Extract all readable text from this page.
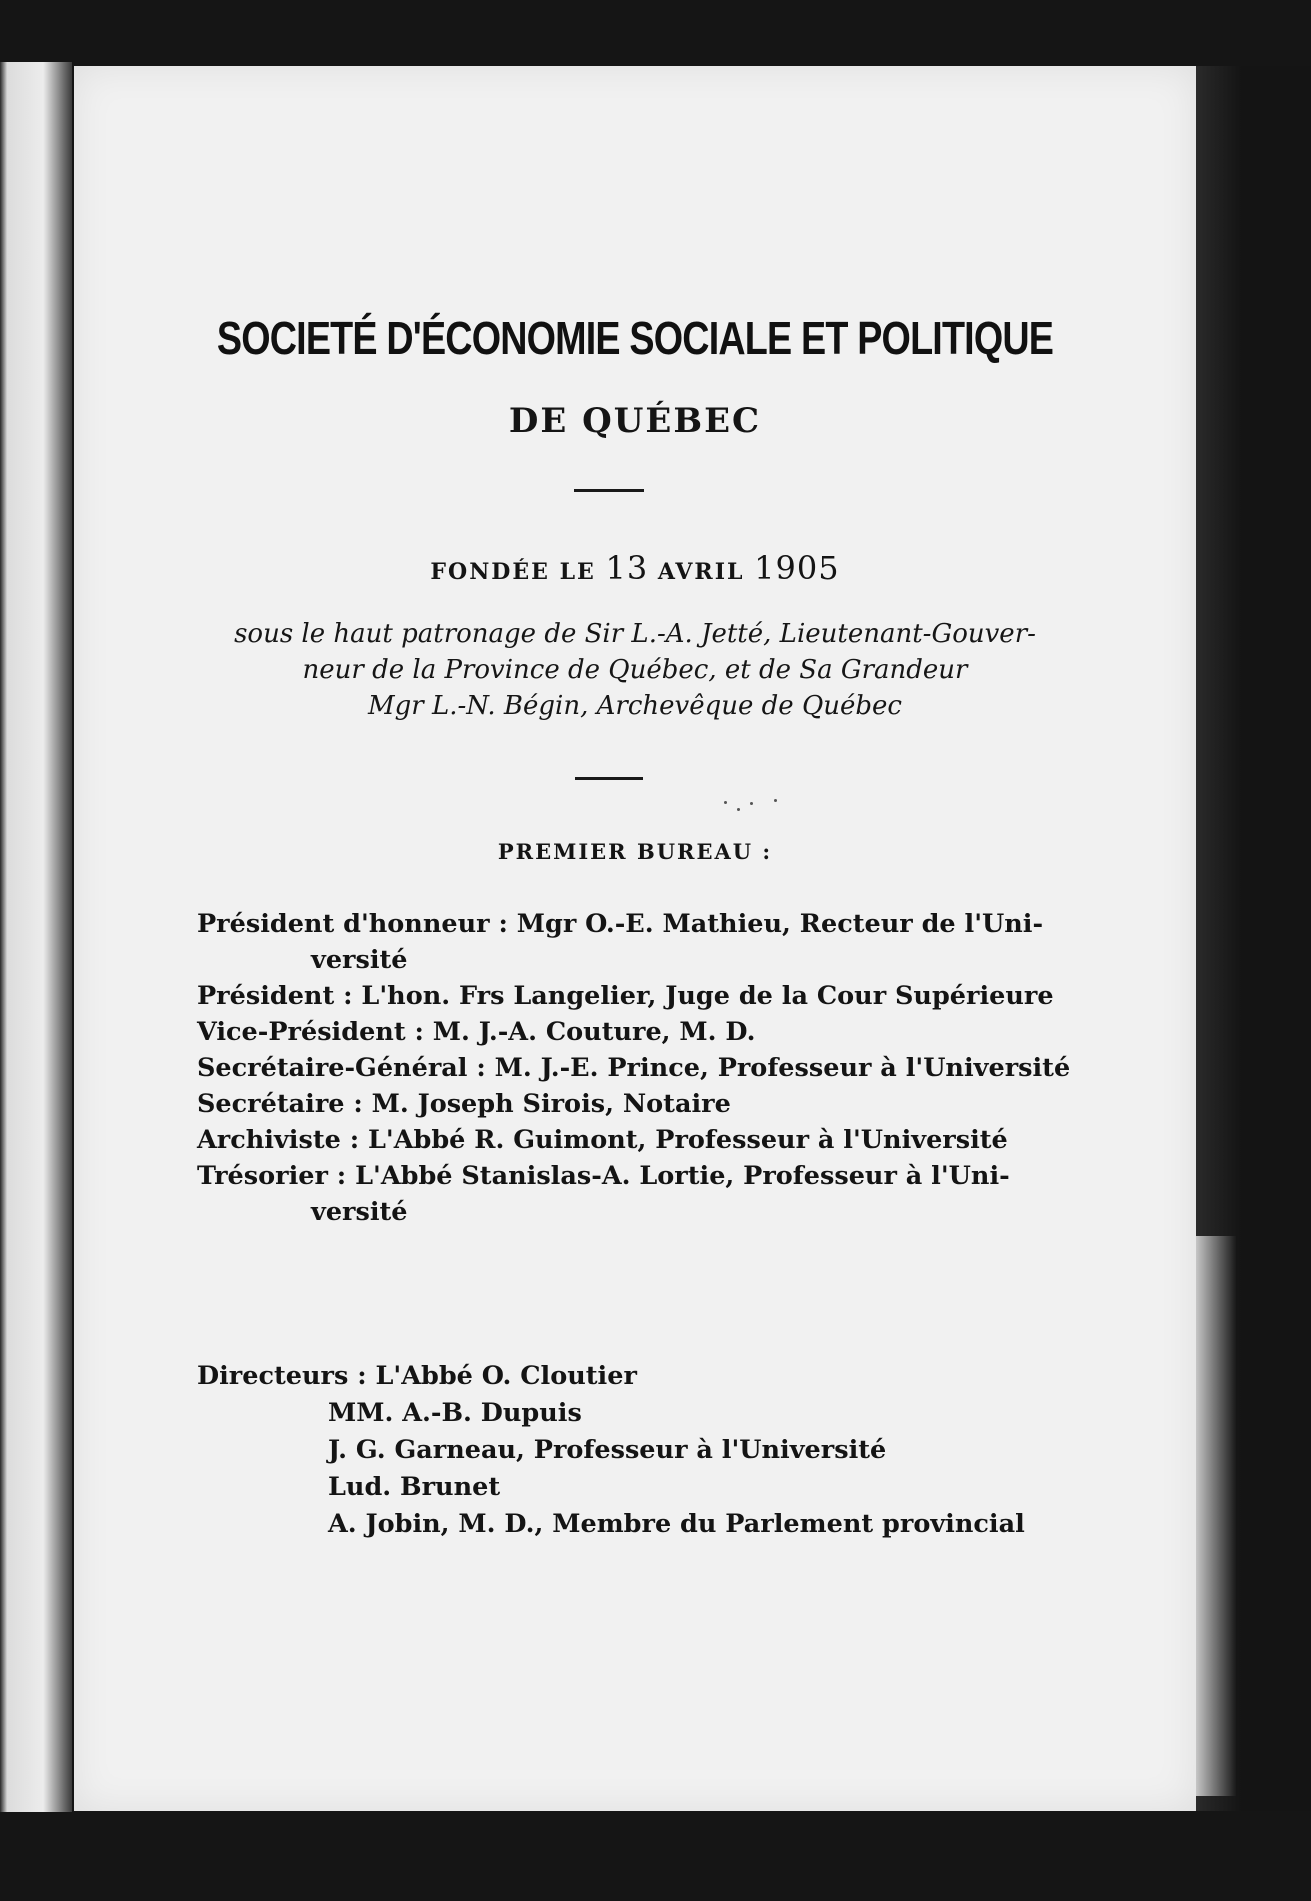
SOCIETÉ D'ÉCONOMIE SOCIALE ET POLITIQUE
DE QUÉBEC

FONDÉE LE 13 AVRIL 1905

sous le haut patronage de Sir L.-A. Jetté, Lieutenant-Gouver-
neur de la Province de Québec, et de Sa Grandeur
Mgr L.-N. Bégin, Archevêque de Québec

PREMIER BUREAU :

Président d'honneur : Mgr O.-E. Mathieu, Recteur de l'Uni-
versité
Président : L'hon. Frs Langelier, Juge de la Cour Supérieure
Vice-Président : M. J.-A. Couture, M. D.
Secrétaire-Général : M. J.-E. Prince, Professeur à l'Université
Secrétaire : M. Joseph Sirois, Notaire
Archiviste : L'Abbé R. Guimont, Professeur à l'Université
Trésorier : L'Abbé Stanislas-A. Lortie, Professeur à l'Uni-
versité
Directeurs : L'Abbé O. Cloutier
MM. A.-B. Dupuis
J. G. Garneau, Professeur à l'Université
Lud. Brunet
A. Jobin, M. D., Membre du Parlement provincial
